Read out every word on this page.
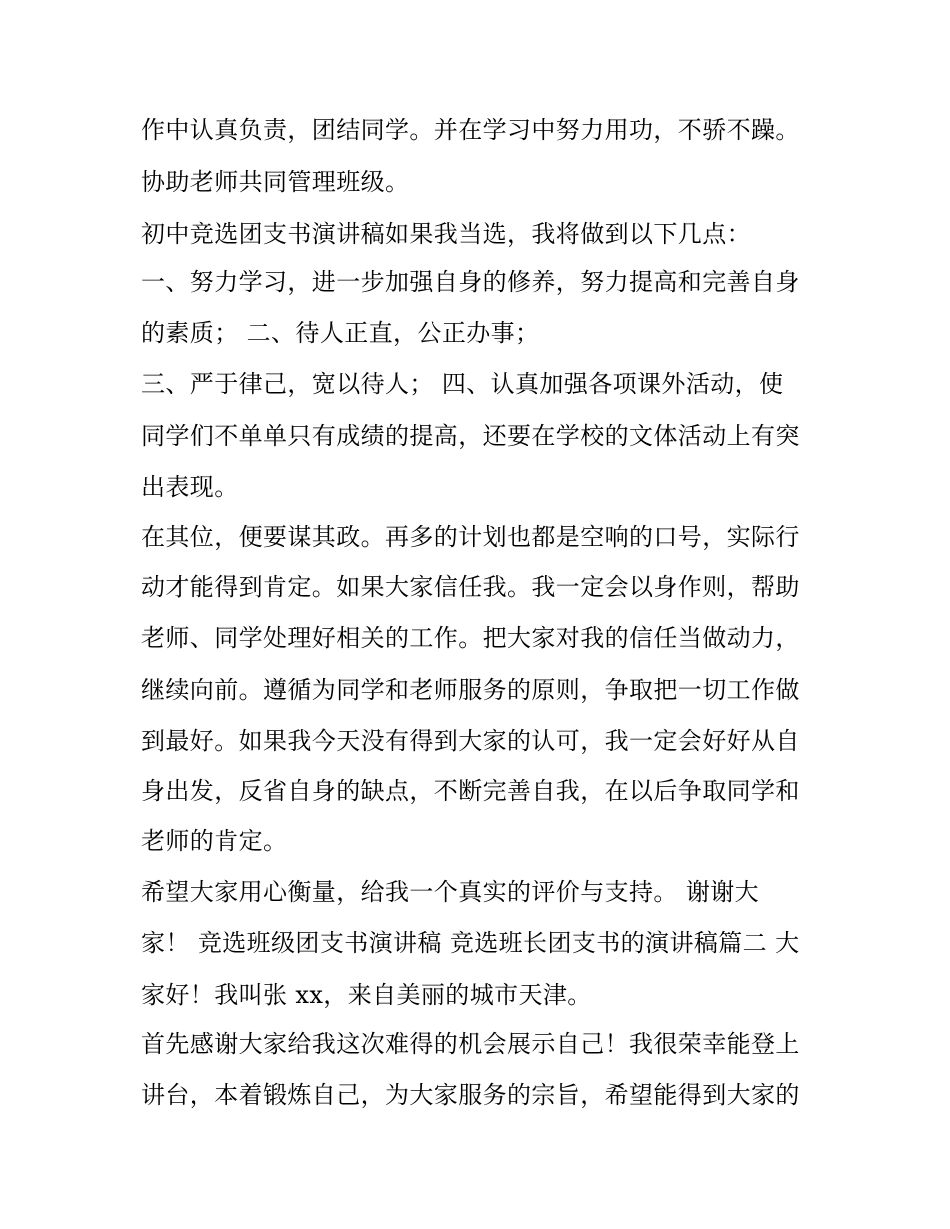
作中认真负责，团结同学。并在学习中努力用功，不骄不躁。
协助老师共同管理班级。
初中竞选团支书演讲稿如果我当选，我将做到以下几点：
一、努力学习，进一步加强自身的修养，努力提高和完善自身
的素质； 二、待人正直，公正办事；
三、严于律己，宽以待人； 四、认真加强各项课外活动，使
同学们不单单只有成绩的提高，还要在学校的文体活动上有突
出表现。
在其位，便要谋其政。再多的计划也都是空响的口号，实际行
动才能得到肯定。如果大家信任我。我一定会以身作则，帮助
老师、同学处理好相关的工作。把大家对我的信任当做动力，
继续向前。遵循为同学和老师服务的原则，争取把一切工作做
到最好。如果我今天没有得到大家的认可，我一定会好好从自
身出发，反省自身的缺点，不断完善自我，在以后争取同学和
老师的肯定。
希望大家用心衡量，给我一个真实的评价与支持。 谢谢大
家！ 竞选班级团支书演讲稿 竞选班长团支书的演讲稿篇二 大
家好！我叫张 xx，来自美丽的城市天津。
首先感谢大家给我这次难得的机会展示自己！我很荣幸能登上
讲台，本着锻炼自己，为大家服务的宗旨，希望能得到大家的
